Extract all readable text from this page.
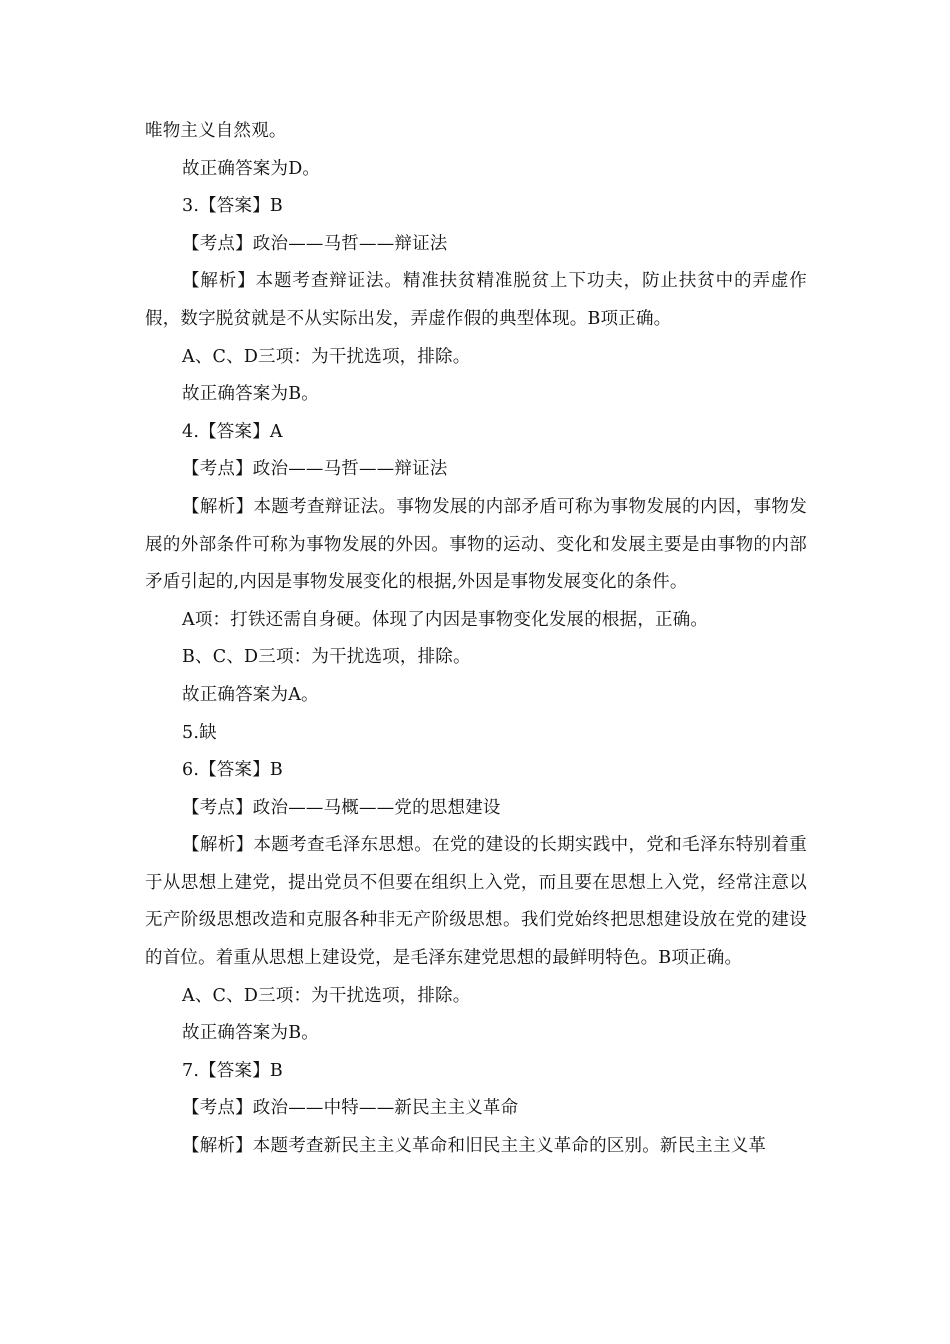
唯物主义自然观。

故正确答案为D。

3.【答案】B

【考点】政治——马哲——辩证法

【解析】本题考查辩证法。精准扶贫精准脱贫上下功夫，防止扶贫中的弄虚作假，数字脱贫就是不从实际出发，弄虚作假的典型体现。B项正确。

A、C、D三项：为干扰选项，排除。

故正确答案为B。

4.【答案】A

【考点】政治——马哲——辩证法

【解析】本题考查辩证法。事物发展的内部矛盾可称为事物发展的内因，事物发展的外部条件可称为事物发展的外因。事物的运动、变化和发展主要是由事物的内部矛盾引起的,内因是事物发展变化的根据,外因是事物发展变化的条件。

A项：打铁还需自身硬。体现了内因是事物变化发展的根据，正确。

B、C、D三项：为干扰选项，排除。

故正确答案为A。

5.缺

6.【答案】B

【考点】政治——马概——党的思想建设

【解析】本题考查毛泽东思想。在党的建设的长期实践中，党和毛泽东特别着重于从思想上建党，提出党员不但要在组织上入党，而且要在思想上入党，经常注意以无产阶级思想改造和克服各种非无产阶级思想。我们党始终把思想建设放在党的建设的首位。着重从思想上建设党，是毛泽东建党思想的最鲜明特色。B项正确。

A、C、D三项：为干扰选项，排除。

故正确答案为B。

7.【答案】B

【考点】政治——中特——新民主主义革命

【解析】本题考查新民主主义革命和旧民主主义革命的区别。新民主主义革
